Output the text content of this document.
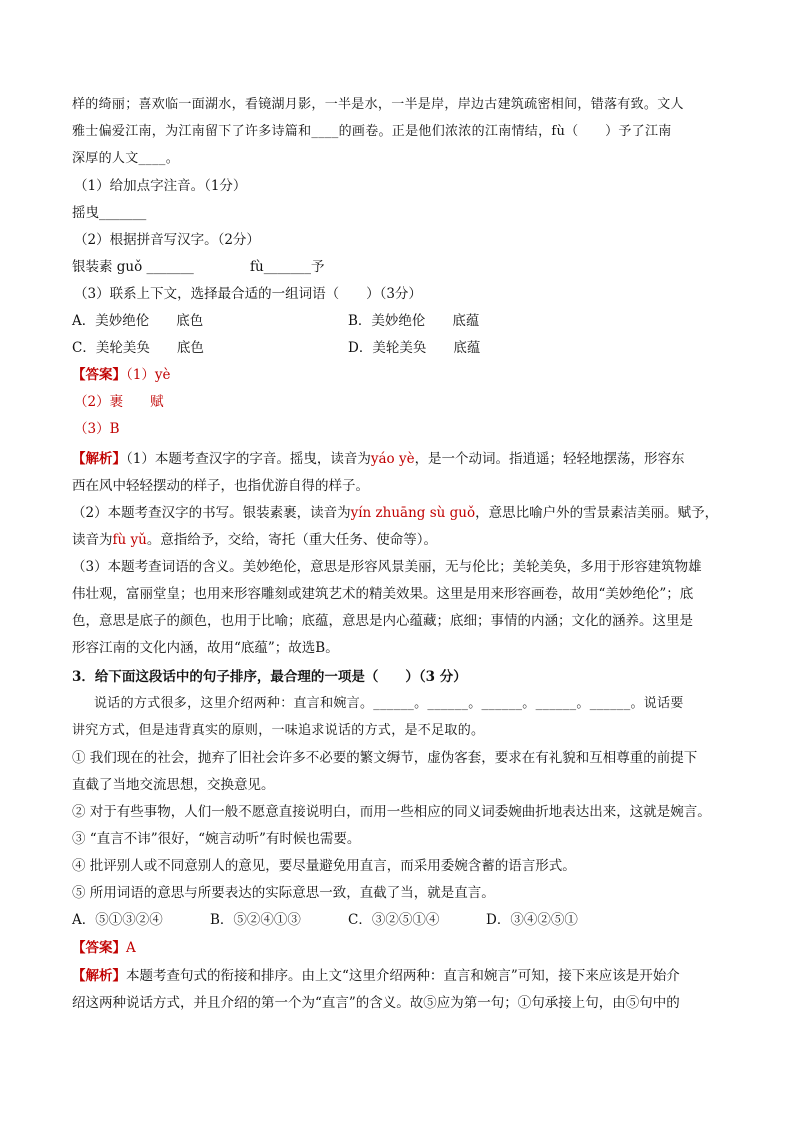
样的绮丽；喜欢临一面湖水，看镜湖月影，一半是水，一半是岸，岸边古建筑疏密相间，错落有致。文人
雅士偏爱江南，为江南留下了许多诗篇和____的画卷。正是他们浓浓的江南情结，fù（　　）予了江南
深厚的人文____。
（1）给加点字注音。（1分）
摇曳_______
（2）根据拼音写汉字。（2分）
银装素 guǒ _______	fù_______予
（3）联系上下文，选择最合适的一组词语（　　）（3分）
A．美妙绝伦　　底色	B．美妙绝伦　　底蕴
C．美轮美奂　　底色	D．美轮美奂　　底蕴
【答案】（1）yè
（2）裹　　赋
（3）B
【解析】（1）本题考查汉字的字音。摇曳，读音为yáo yè，是一个动词。指逍遥；轻轻地摆荡，形容东
西在风中轻轻摆动的样子，也指优游自得的样子。
（2）本题考查汉字的书写。银装素裹，读音为yín zhuāng sù guǒ，意思比喻户外的雪景素洁美丽。赋予，
读音为fù yǔ。意指给予，交给，寄托（重大任务、使命等）。
（3）本题考查词语的含义。美妙绝伦，意思是形容风景美丽，无与伦比；美轮美奂，多用于形容建筑物雄
伟壮观，富丽堂皇；也用来形容雕刻或建筑艺术的精美效果。这里是用来形容画卷，故用“美妙绝伦”；底
色，意思是底子的颜色，也用于比喻；底蕴，意思是内心蕴藏；底细；事情的内涵；文化的涵养。这里是
形容江南的文化内涵，故用“底蕴”；故选B。
3．给下面这段话中的句子排序，最合理的一项是（　　）（3 分）
说话的方式很多，这里介绍两种：直言和婉言。______。______。______。______。______。说话要
讲究方式，但是违背真实的原则，一味追求说话的方式，是不足取的。
① 我们现在的社会，抛弃了旧社会许多不必要的繁文缛节，虚伪客套，要求在有礼貌和互相尊重的前提下
直截了当地交流思想，交换意见。
② 对于有些事物，人们一般不愿意直接说明白，而用一些相应的同义词委婉曲折地表达出来，这就是婉言。
③ “直言不讳”很好，“婉言动听”有时候也需要。
④ 批评别人或不同意别人的意见，要尽量避免用直言，而采用委婉含蓄的语言形式。
⑤ 所用词语的意思与所要表达的实际意思一致，直截了当，就是直言。
A．⑤①③②④	B．⑤②④①③	C．③②⑤①④	D．③④②⑤①
【答案】A
【解析】本题考查句式的衔接和排序。由上文“这里介绍两种：直言和婉言”可知，接下来应该是开始介
绍这两种说话方式，并且介绍的第一个为“直言”的含义。故⑤应为第一句；①句承接上句，由⑤句中的
